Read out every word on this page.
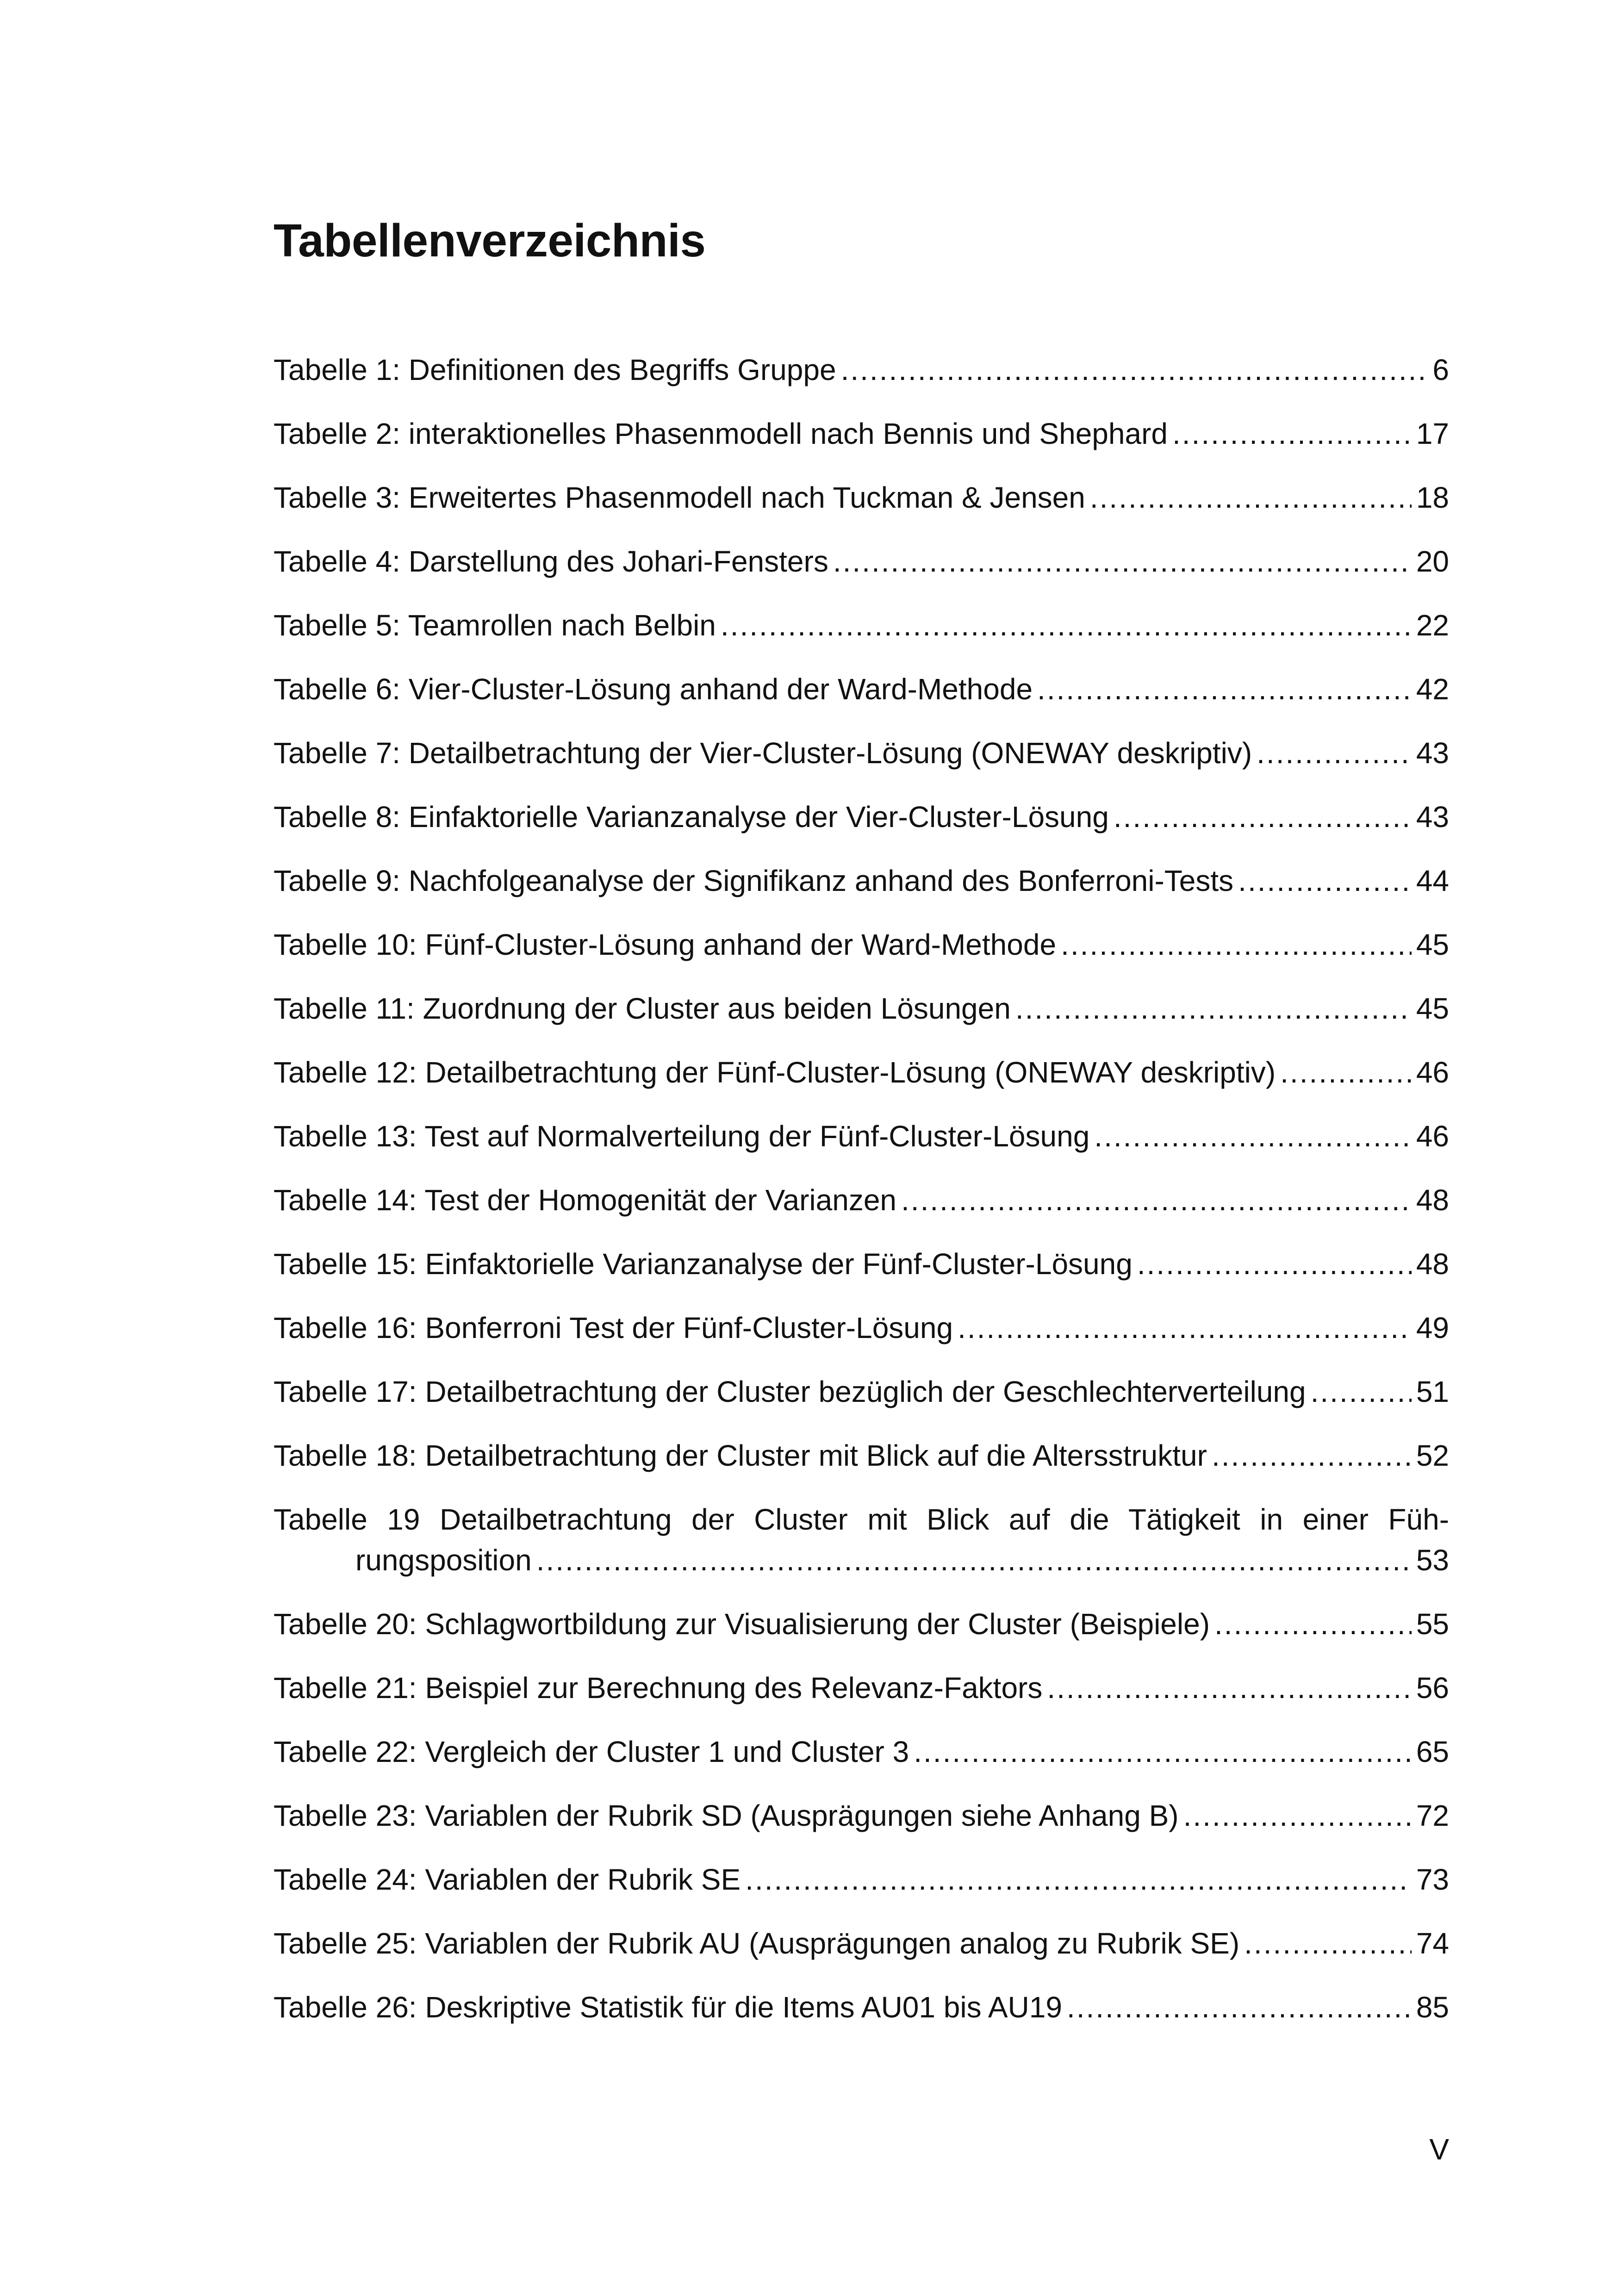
Tabellenverzeichnis
Tabelle 1: Definitionen des Begriffs Gruppe .....	6
Tabelle 2: interaktionelles Phasenmodell nach Bennis und Shephard .....	17
Tabelle 3: Erweitertes Phasenmodell nach Tuckman & Jensen .....	18
Tabelle 4: Darstellung des Johari-Fensters .....	20
Tabelle 5: Teamrollen nach Belbin .....	22
Tabelle 6: Vier-Cluster-Lösung anhand der Ward-Methode .....	42
Tabelle 7: Detailbetrachtung der Vier-Cluster-Lösung (ONEWAY deskriptiv) .....	43
Tabelle 8: Einfaktorielle Varianzanalyse der Vier-Cluster-Lösung .....	43
Tabelle 9: Nachfolgeanalyse der Signifikanz anhand des Bonferroni-Tests .....	44
Tabelle 10: Fünf-Cluster-Lösung anhand der Ward-Methode .....	45
Tabelle 11: Zuordnung der Cluster aus beiden Lösungen .....	45
Tabelle 12: Detailbetrachtung der Fünf-Cluster-Lösung (ONEWAY deskriptiv) .....	46
Tabelle 13: Test auf Normalverteilung der Fünf-Cluster-Lösung .....	46
Tabelle 14: Test der Homogenität der Varianzen .....	48
Tabelle 15: Einfaktorielle Varianzanalyse der Fünf-Cluster-Lösung .....	48
Tabelle 16: Bonferroni Test der Fünf-Cluster-Lösung .....	49
Tabelle 17: Detailbetrachtung der Cluster bezüglich der Geschlechterverteilung .....	51
Tabelle 18: Detailbetrachtung der Cluster mit Blick auf die Altersstruktur .....	52
Tabelle 19 Detailbetrachtung der Cluster mit Blick auf die Tätigkeit in einer Füh-
rungsposition .....	53
Tabelle 20: Schlagwortbildung zur Visualisierung der Cluster (Beispiele) .....	55
Tabelle 21: Beispiel zur Berechnung des Relevanz-Faktors .....	56
Tabelle 22: Vergleich der Cluster 1 und Cluster 3 .....	65
Tabelle 23: Variablen der Rubrik SD (Ausprägungen siehe Anhang B) .....	72
Tabelle 24: Variablen der Rubrik SE .....	73
Tabelle 25: Variablen der Rubrik AU (Ausprägungen analog zu Rubrik SE) .....	74
Tabelle 26: Deskriptive Statistik für die Items AU01 bis AU19 .....	85
V
